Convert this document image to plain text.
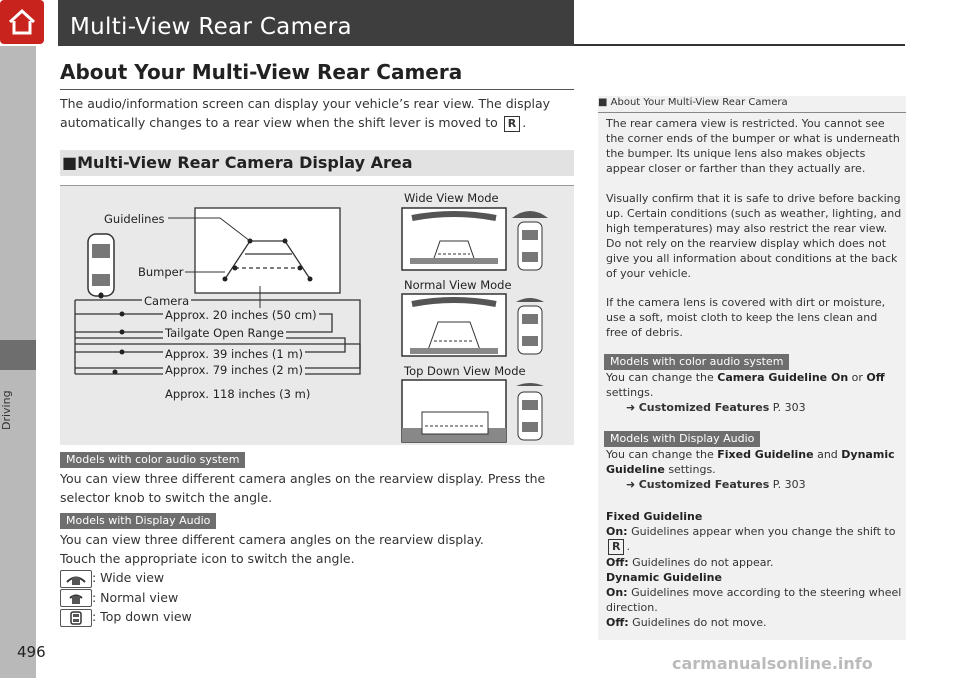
Driving
496
Multi-View Rear Camera
About Your Multi-View Rear Camera
The audio/information screen can display your vehicle’s rear view. The display
automatically changes to a rear view when the shift lever is moved to R .
■Multi-View Rear Camera Display Area
Guidelines
Bumper
Camera
Approx. 20 inches (50 cm)
Tailgate Open Range
Approx. 39 inches (1 m)
Approx. 79 inches (2 m)
Approx. 118 inches (3 m)
Wide View Mode
Normal View Mode
Top Down View Mode
Models with color audio system
You can view three different camera angles on the rearview display. Press the
selector knob to switch the angle.
Models with Display Audio
You can view three different camera angles on the rearview display.
Touch the appropriate icon to switch the angle.
: Wide view
: Normal view
: Top down view
■ About Your Multi-View Rear Camera
The rear camera view is restricted. You cannot see the corner ends of the bumper or what is underneath the bumper. Its unique lens also makes objects appear closer or farther than they actually are.
Visually confirm that it is safe to drive before backing up. Certain conditions (such as weather, lighting, and high temperatures) may also restrict the rear view. Do not rely on the rearview display which does not give you all information about conditions at the back of your vehicle.
If the camera lens is covered with dirt or moisture, use a soft, moist cloth to keep the lens clean and free of debris.
Models with color audio system
You can change the Camera Guideline On or Off
settings.
➜ Customized Features P. 303
Models with Display Audio
You can change the Fixed Guideline and Dynamic Guideline settings.
➜ Customized Features P. 303
Fixed Guideline
On: Guidelines appear when you change the shift to
R .
Off: Guidelines do not appear.
Dynamic Guideline
On: Guidelines move according to the steering wheel direction.
Off: Guidelines do not move.
carmanualsonline.info
